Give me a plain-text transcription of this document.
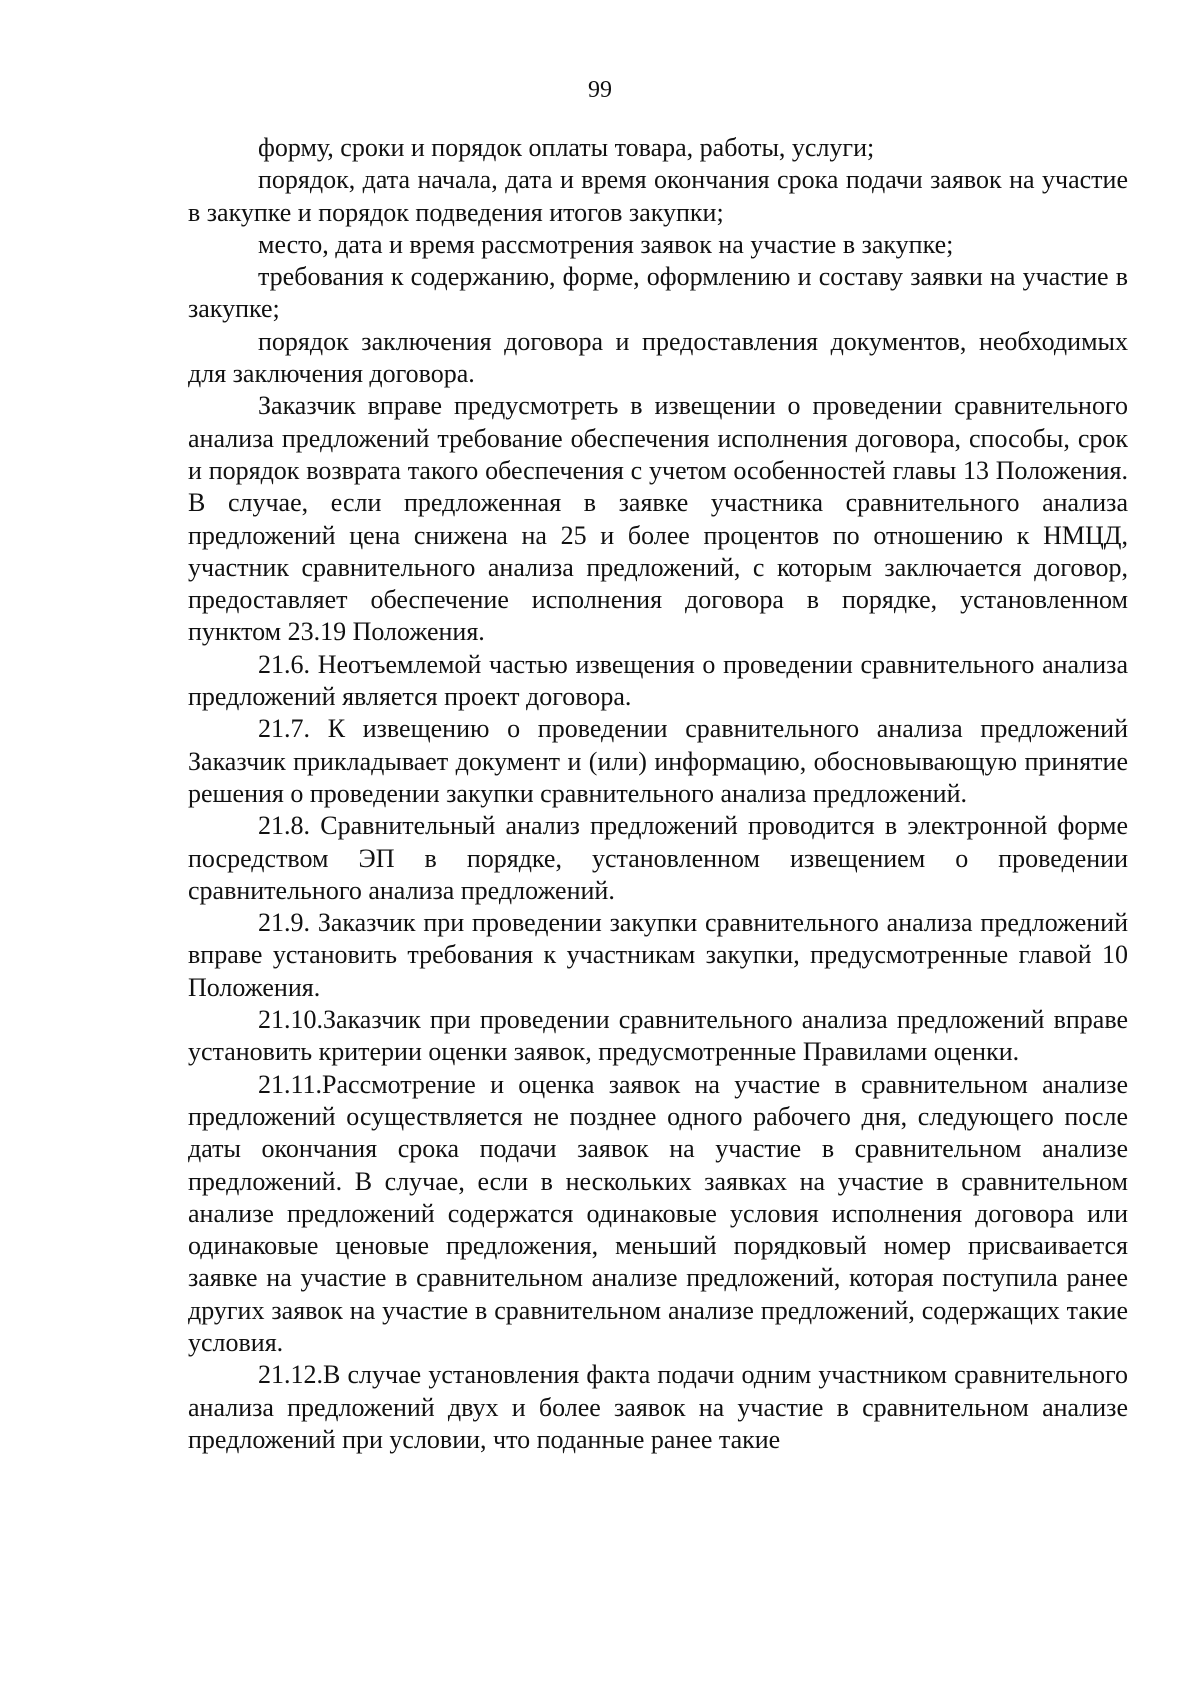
99

форму, сроки и порядок оплаты товара, работы, услуги;

порядок, дата начала, дата и время окончания срока подачи заявок на участие в закупке и порядок подведения итогов закупки;

место, дата и время рассмотрения заявок на участие в закупке;

требования к содержанию, форме, оформлению и составу заявки на участие в закупке;

порядок заключения договора и предоставления документов, необходимых для заключения договора.

Заказчик вправе предусмотреть в извещении о проведении сравнительного анализа предложений требование обеспечения исполнения договора, способы, срок и порядок возврата такого обеспечения с учетом особенностей главы 13 Положения. В случае, если предложенная в заявке участника сравнительного анализа предложений цена снижена на 25 и более процентов по отношению к НМЦД, участник сравнительного анализа предложений, с которым заключается договор, предоставляет обеспечение исполнения договора в порядке, установленном пунктом 23.19 Положения.

21.6. Неотъемлемой частью извещения о проведении сравнительного анализа предложений является проект договора.

21.7. К извещению о проведении сравнительного анализа предложений Заказчик прикладывает документ и (или) информацию, обосновывающую принятие решения о проведении закупки сравнительного анализа предложений.

21.8. Сравнительный анализ предложений проводится в электронной форме посредством ЭП в порядке, установленном извещением о проведении сравнительного анализа предложений.

21.9. Заказчик при проведении закупки сравнительного анализа предложений вправе установить требования к участникам закупки, предусмотренные главой 10 Положения.

21.10.Заказчик при проведении сравнительного анализа предложений вправе установить критерии оценки заявок, предусмотренные Правилами оценки.

21.11.Рассмотрение и оценка заявок на участие в сравнительном анализе предложений осуществляется не позднее одного рабочего дня, следующего после даты окончания срока подачи заявок на участие в сравнительном анализе предложений. В случае, если в нескольких заявках на участие в сравнительном анализе предложений содержатся одинаковые условия исполнения договора или одинаковые ценовые предложения, меньший порядковый номер присваивается заявке на участие в сравнительном анализе предложений, которая поступила ранее других заявок на участие в сравнительном анализе предложений, содержащих такие условия.

21.12.В случае установления факта подачи одним участником сравнительного анализа предложений двух и более заявок на участие в сравнительном анализе предложений при условии, что поданные ранее такие
